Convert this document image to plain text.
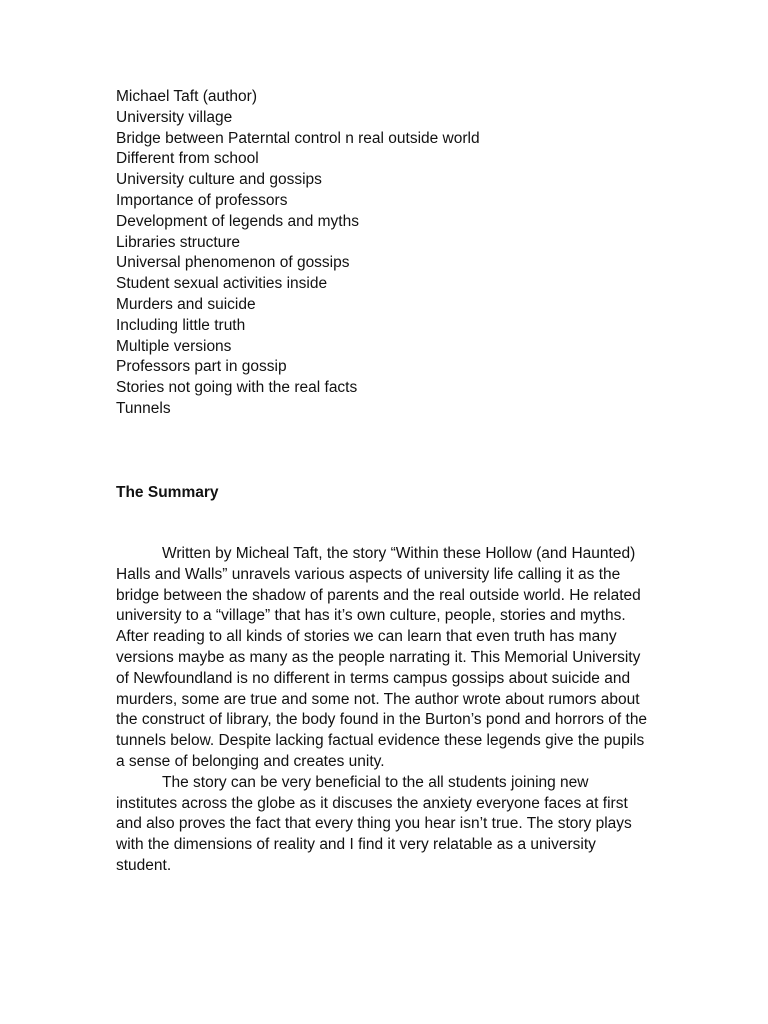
Michael Taft (author)
University village
Bridge between Paterntal control n real outside world
Different from school
University culture and gossips
Importance of professors
Development of legends and myths
Libraries structure
Universal phenomenon of gossips
Student sexual activities inside
Murders and suicide
Including little truth
Multiple versions
Professors part in gossip
Stories not going with the real facts
Tunnels
The Summary

Written by Micheal Taft, the story “Within these Hollow (and Haunted) Halls and Walls” unravels various aspects of university life calling it as the bridge between the shadow of parents and the real outside world. He related university to a “village” that has it’s own culture, people, stories and myths. After reading to all kinds of stories we can learn that even truth has many versions maybe as many as the people narrating it. This Memorial University of Newfoundland is no different in terms campus gossips about suicide and murders, some are true and some not. The author wrote about rumors about the construct of library, the body found in the Burton’s pond and horrors of the tunnels below. Despite lacking factual evidence these legends give the pupils a sense of belonging and creates unity.

The story can be very beneficial to the all students joining new institutes across the globe as it discuses the anxiety everyone faces at first and also proves the fact that every thing you hear isn’t true. The story plays with the dimensions of reality and I find it very relatable as a university student.
